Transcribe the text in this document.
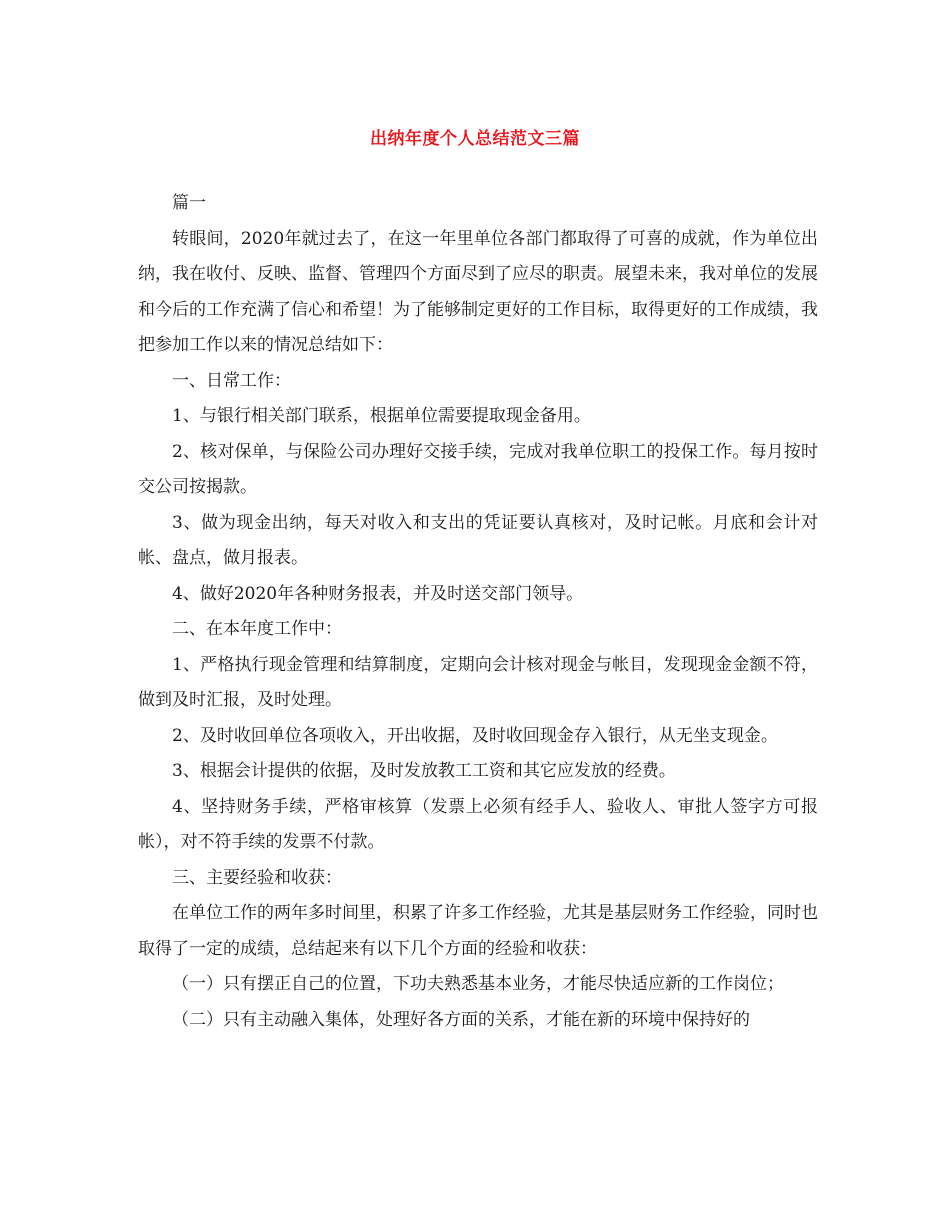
出纳年度个人总结范文三篇

篇一

转眼间，2020年就过去了，在这一年里单位各部门都取得了可喜的成就，作为单位出纳，我在收付、反映、监督、管理四个方面尽到了应尽的职责。展望未来，我对单位的发展和今后的工作充满了信心和希望！为了能够制定更好的工作目标，取得更好的工作成绩，我把参加工作以来的情况总结如下：

一、日常工作：

1、与银行相关部门联系，根据单位需要提取现金备用。

2、核对保单，与保险公司办理好交接手续，完成对我单位职工的投保工作。每月按时交公司按揭款。

3、做为现金出纳，每天对收入和支出的凭证要认真核对，及时记帐。月底和会计对帐、盘点，做月报表。

4、做好2020年各种财务报表，并及时送交部门领导。

二、在本年度工作中：

1、严格执行现金管理和结算制度，定期向会计核对现金与帐目，发现现金金额不符，做到及时汇报，及时处理。

2、及时收回单位各项收入，开出收据，及时收回现金存入银行，从无坐支现金。

3、根据会计提供的依据，及时发放教工工资和其它应发放的经费。

4、坚持财务手续，严格审核算（发票上必须有经手人、验收人、审批人签字方可报帐），对不符手续的发票不付款。

三、主要经验和收获：

在单位工作的两年多时间里，积累了许多工作经验，尤其是基层财务工作经验，同时也取得了一定的成绩，总结起来有以下几个方面的经验和收获：

（一）只有摆正自己的位置，下功夫熟悉基本业务，才能尽快适应新的工作岗位；

（二）只有主动融入集体，处理好各方面的关系，才能在新的环境中保持好的
